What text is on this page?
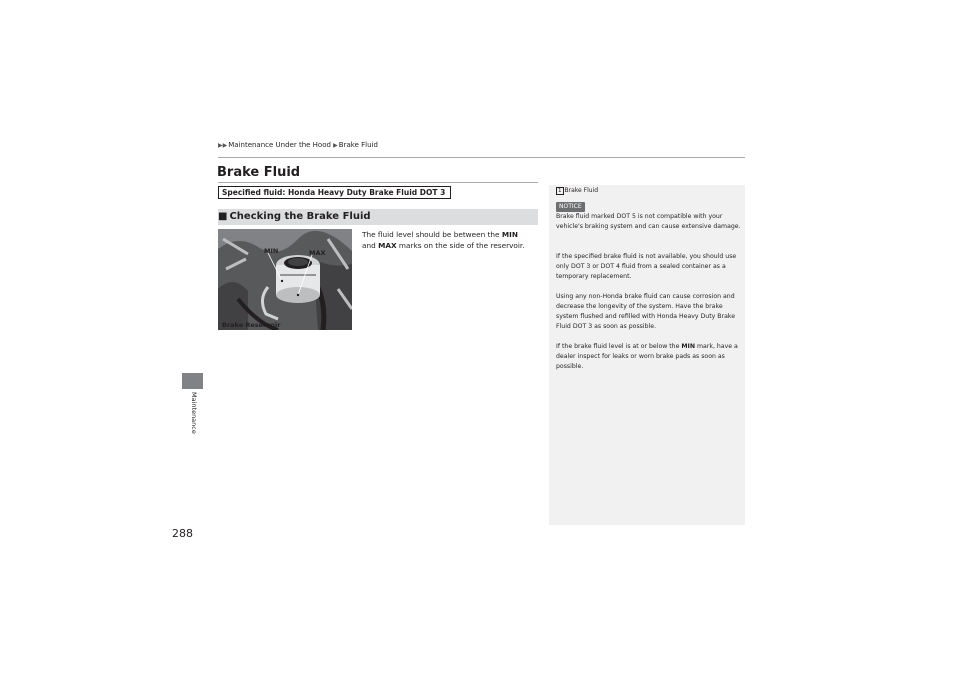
▶▶Maintenance Under the Hood ▶Brake Fluid
Maintenance
288
Brake Fluid
Specified fluid: Honda Heavy Duty Brake Fluid DOT 3
■ Checking the Brake Fluid
The fluid level should be between the MIN
and MAX marks on the side of the reservoir.
MIN	MAX
Brake Reservoir
1 Brake Fluid
NOTICE
Brake fluid marked DOT 5 is not compatible with your vehicle's braking system and can cause extensive damage.
If the specified brake fluid is not available, you should use only DOT 3 or DOT 4 fluid from a sealed container as a temporary replacement.
Using any non-Honda brake fluid can cause corrosion and decrease the longevity of the system. Have the brake system flushed and refilled with Honda Heavy Duty Brake Fluid DOT 3 as soon as possible.
If the brake fluid level is at or below the MIN mark, have a dealer inspect for leaks or worn brake pads as soon as possible.
